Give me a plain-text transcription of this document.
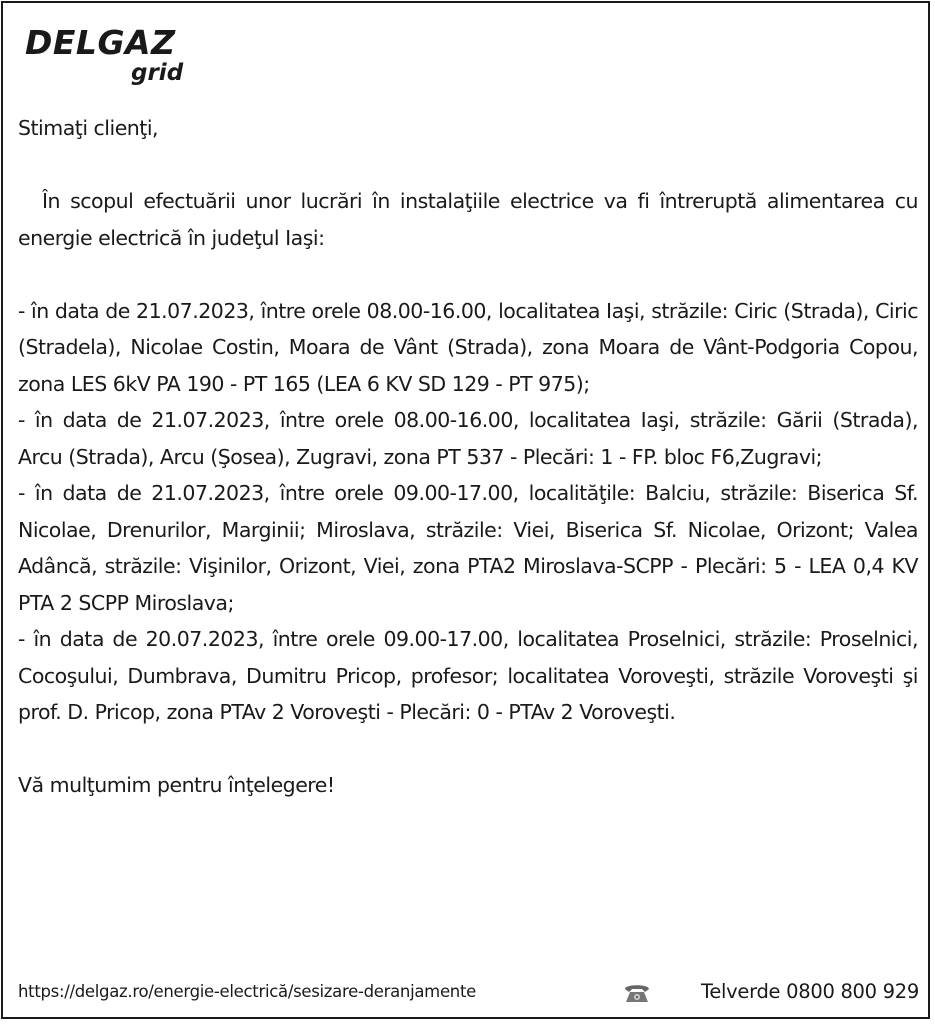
DELGAZ
grid

Stimaţi clienţi,

În scopul efectuării unor lucrări în instalaţiile electrice va fi întreruptă alimentarea cu energie electrică în judeţul Iaşi:

- în data de 21.07.2023, între orele 08.00-16.00, localitatea Iaşi, străzile: Ciric (Strada), Ciric (Stradela), Nicolae Costin, Moara de Vânt (Strada), zona Moara de Vânt-Podgoria Copou, zona LES 6kV PA 190 - PT 165 (LEA 6 KV SD 129 - PT 975);

- în data de 21.07.2023, între orele 08.00-16.00, localitatea Iaşi, străzile: Gării (Strada), Arcu (Strada), Arcu (Şosea), Zugravi, zona PT 537 - Plecări: 1 - FP. bloc F6,Zugravi;

- în data de 21.07.2023, între orele 09.00-17.00, localităţile: Balciu, străzile: Biserica Sf. Nicolae, Drenurilor, Marginii; Miroslava, străzile: Viei, Biserica Sf. Nicolae, Orizont; Valea Adâncă, străzile: Vişinilor, Orizont, Viei, zona PTA2 Miroslava-SCPP - Plecări: 5 - LEA 0,4 KV PTA 2 SCPP Miroslava;

- în data de 20.07.2023, între orele 09.00-17.00, localitatea Proselnici, străzile: Proselnici, Cocoşului, Dumbrava, Dumitru Pricop, profesor; localitatea Voroveşti, străzile Voroveşti şi prof. D. Pricop, zona PTAv 2 Voroveşti - Plecări: 0 - PTAv 2 Voroveşti.

Vă mulţumim pentru înţelegere!

https://delgaz.ro/energie-electrică/sesizare-deranjamente	Telverde 0800 800 929
